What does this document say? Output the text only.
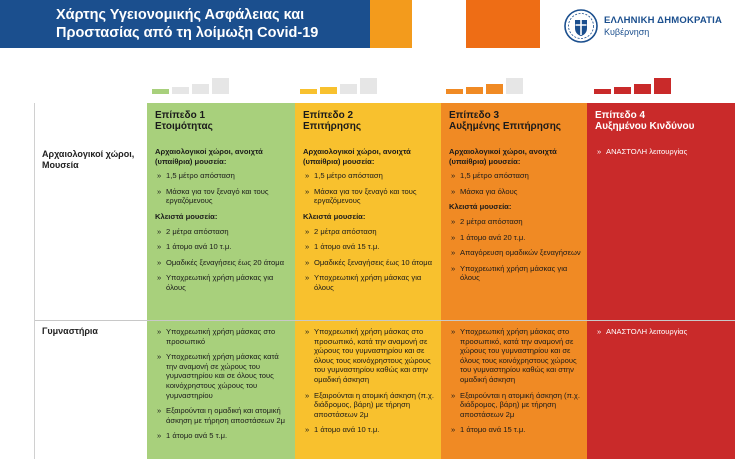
Χάρτης Υγειονομικής Ασφάλειας και
Προστασίας από τη λοίμωξη Covid-19
ΕΛΛΗΝΙΚΗ ΔΗΜΟΚΡΑΤΙΑ
Κυβέρνηση
Επίπεδο 1
Ετοιμότητας
Επίπεδο 2
Επιτήρησης
Επίπεδο 3
Αυξημένης Επιτήρησης
Επίπεδο 4
Αυξημένου Κινδύνου
Αρχαιολογικοί χώροι,
Μουσεία
Γυμναστήρια
Αρχαιολογικοί χώροι, ανοιχτά (υπαίθρια) μουσεία:
» 1,5 μέτρο απόσταση
» Μάσκα για τον ξεναγό και τους εργαζόμενους
Κλειστά μουσεία:
» 2 μέτρα απόσταση
» 1 άτομο ανά 10 τ.μ.
» Ομαδικές ξεναγήσεις έως 20 άτομα
» Υποχρεωτική χρήση μάσκας για όλους
» Υποχρεωτική χρήση μάσκας στο προσωπικό
» Υποχρεωτική χρήση μάσκας κατά την αναμονή σε χώρους του γυμναστηρίου και σε όλους τους κοινόχρηστους χώρους του γυμναστηρίου
» Εξαιρούνται η ομαδική και ατομική άσκηση με τήρηση αποστάσεων 2μ
» 1 άτομο ανά 5 τ.μ.
Αρχαιολογικοί χώροι, ανοιχτά (υπαίθρια) μουσεία:
» 1,5 μέτρο απόσταση
» Μάσκα για τον ξεναγό και τους εργαζόμενους
Κλειστά μουσεία:
» 2 μέτρα απόσταση
» 1 άτομο ανά 15 τ.μ.
» Ομαδικές ξεναγήσεις έως 10 άτομα
» Υποχρεωτική χρήση μάσκας για όλους
» Υποχρεωτική χρήση μάσκας στο προσωπικό, κατά την αναμονή σε χώρους του γυμναστηρίου και σε όλους τους κοινόχρηστους χώρους του γυμναστηρίου καθώς και στην ομαδική άσκηση
» Εξαιρούνται η ατομική άσκηση (π.χ. διάδρομος, βάρη) με τήρηση αποστάσεων 2μ
» 1 άτομο ανά 10 τ.μ.
Αρχαιολογικοί χώροι, ανοιχτά (υπαίθρια) μουσεία:
» 1,5 μέτρο απόσταση
» Μάσκα για όλους
Κλειστά μουσεία:
» 2 μέτρα απόσταση
» 1 άτομο ανά 20 τ.μ.
» Απαγόρευση ομαδικών ξεναγήσεων
» Υποχρεωτική χρήση μάσκας για όλους
» Υποχρεωτική χρήση μάσκας στο προσωπικό, κατά την αναμονή σε χώρους του γυμναστηρίου και σε όλους τους κοινόχρηστους χώρους του γυμναστηρίου καθώς και στην ομαδική άσκηση
» Εξαιρούνται η ατομική άσκηση (π.χ. διάδρομος, βάρη) με τήρηση αποστάσεων 2μ
» 1 άτομο ανά 15 τ.μ.
» ΑΝΑΣΤΟΛΗ λειτουργίας
» ΑΝΑΣΤΟΛΗ λειτουργίας
